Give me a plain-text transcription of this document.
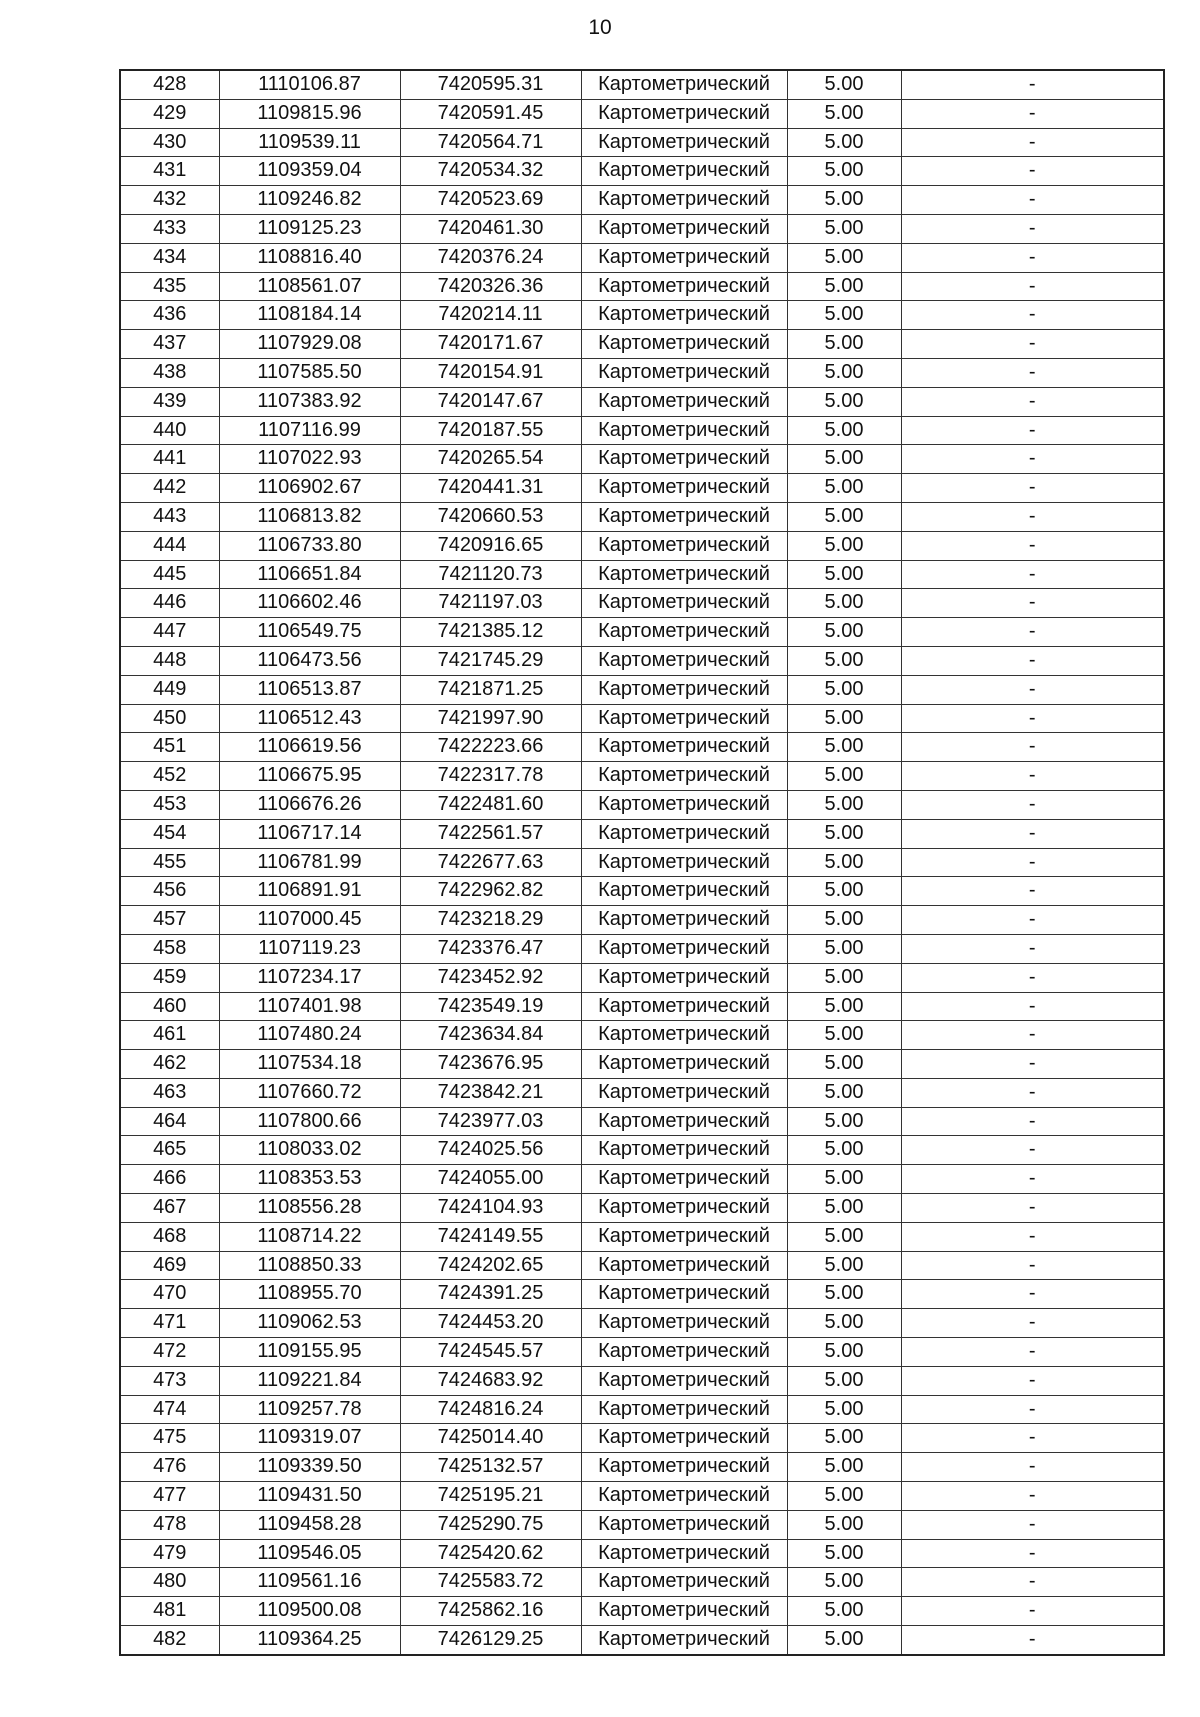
10
428	1110106.87	7420595.31	Картометрический	5.00	-
429	1109815.96	7420591.45	Картометрический	5.00	-
430	1109539.11	7420564.71	Картометрический	5.00	-
431	1109359.04	7420534.32	Картометрический	5.00	-
432	1109246.82	7420523.69	Картометрический	5.00	-
433	1109125.23	7420461.30	Картометрический	5.00	-
434	1108816.40	7420376.24	Картометрический	5.00	-
435	1108561.07	7420326.36	Картометрический	5.00	-
436	1108184.14	7420214.11	Картометрический	5.00	-
437	1107929.08	7420171.67	Картометрический	5.00	-
438	1107585.50	7420154.91	Картометрический	5.00	-
439	1107383.92	7420147.67	Картометрический	5.00	-
440	1107116.99	7420187.55	Картометрический	5.00	-
441	1107022.93	7420265.54	Картометрический	5.00	-
442	1106902.67	7420441.31	Картометрический	5.00	-
443	1106813.82	7420660.53	Картометрический	5.00	-
444	1106733.80	7420916.65	Картометрический	5.00	-
445	1106651.84	7421120.73	Картометрический	5.00	-
446	1106602.46	7421197.03	Картометрический	5.00	-
447	1106549.75	7421385.12	Картометрический	5.00	-
448	1106473.56	7421745.29	Картометрический	5.00	-
449	1106513.87	7421871.25	Картометрический	5.00	-
450	1106512.43	7421997.90	Картометрический	5.00	-
451	1106619.56	7422223.66	Картометрический	5.00	-
452	1106675.95	7422317.78	Картометрический	5.00	-
453	1106676.26	7422481.60	Картометрический	5.00	-
454	1106717.14	7422561.57	Картометрический	5.00	-
455	1106781.99	7422677.63	Картометрический	5.00	-
456	1106891.91	7422962.82	Картометрический	5.00	-
457	1107000.45	7423218.29	Картометрический	5.00	-
458	1107119.23	7423376.47	Картометрический	5.00	-
459	1107234.17	7423452.92	Картометрический	5.00	-
460	1107401.98	7423549.19	Картометрический	5.00	-
461	1107480.24	7423634.84	Картометрический	5.00	-
462	1107534.18	7423676.95	Картометрический	5.00	-
463	1107660.72	7423842.21	Картометрический	5.00	-
464	1107800.66	7423977.03	Картометрический	5.00	-
465	1108033.02	7424025.56	Картометрический	5.00	-
466	1108353.53	7424055.00	Картометрический	5.00	-
467	1108556.28	7424104.93	Картометрический	5.00	-
468	1108714.22	7424149.55	Картометрический	5.00	-
469	1108850.33	7424202.65	Картометрический	5.00	-
470	1108955.70	7424391.25	Картометрический	5.00	-
471	1109062.53	7424453.20	Картометрический	5.00	-
472	1109155.95	7424545.57	Картометрический	5.00	-
473	1109221.84	7424683.92	Картометрический	5.00	-
474	1109257.78	7424816.24	Картометрический	5.00	-
475	1109319.07	7425014.40	Картометрический	5.00	-
476	1109339.50	7425132.57	Картометрический	5.00	-
477	1109431.50	7425195.21	Картометрический	5.00	-
478	1109458.28	7425290.75	Картометрический	5.00	-
479	1109546.05	7425420.62	Картометрический	5.00	-
480	1109561.16	7425583.72	Картометрический	5.00	-
481	1109500.08	7425862.16	Картометрический	5.00	-
482	1109364.25	7426129.25	Картометрический	5.00	-
